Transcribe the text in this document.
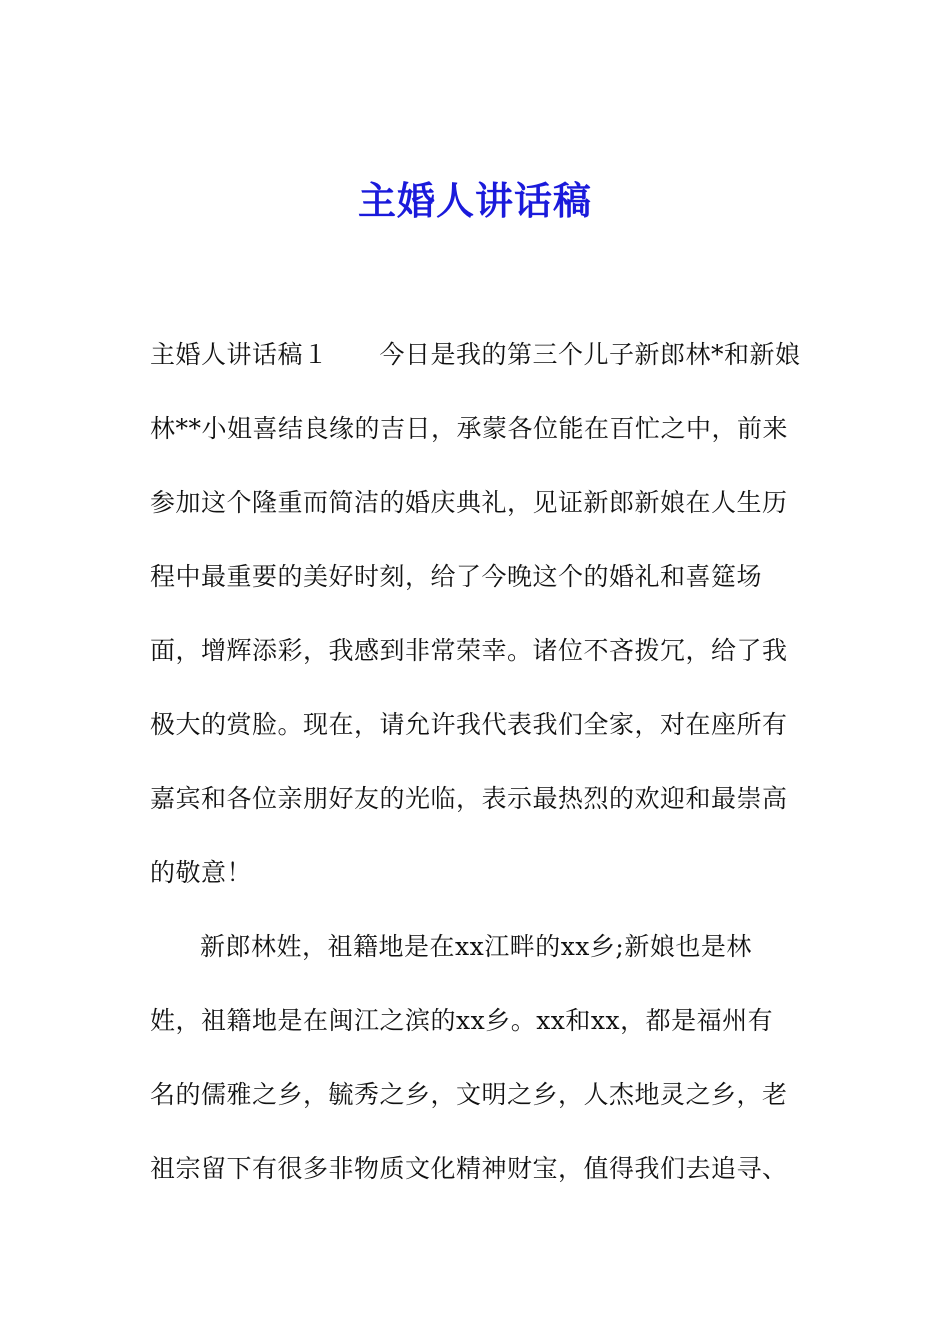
主婚人讲话稿
主婚人讲话稿１　　今日是我的第三个儿子新郎林*和新娘
林**小姐喜结良缘的吉日，承蒙各位能在百忙之中，前来
参加这个隆重而简洁的婚庆典礼，见证新郎新娘在人生历
程中最重要的美好时刻，给了今晚这个的婚礼和喜筵场
面，增辉添彩，我感到非常荣幸。诸位不吝拨冗，给了我
极大的赏脸。现在，请允许我代表我们全家，对在座所有
嘉宾和各位亲朋好友的光临，表示最热烈的欢迎和最崇高
的敬意！
新郎林姓，祖籍地是在xx江畔的xx乡;新娘也是林
姓，祖籍地是在闽江之滨的xx乡。xx和xx，都是福州有
名的儒雅之乡，毓秀之乡，文明之乡，人杰地灵之乡，老
祖宗留下有很多非物质文化精神财宝，值得我们去追寻、
